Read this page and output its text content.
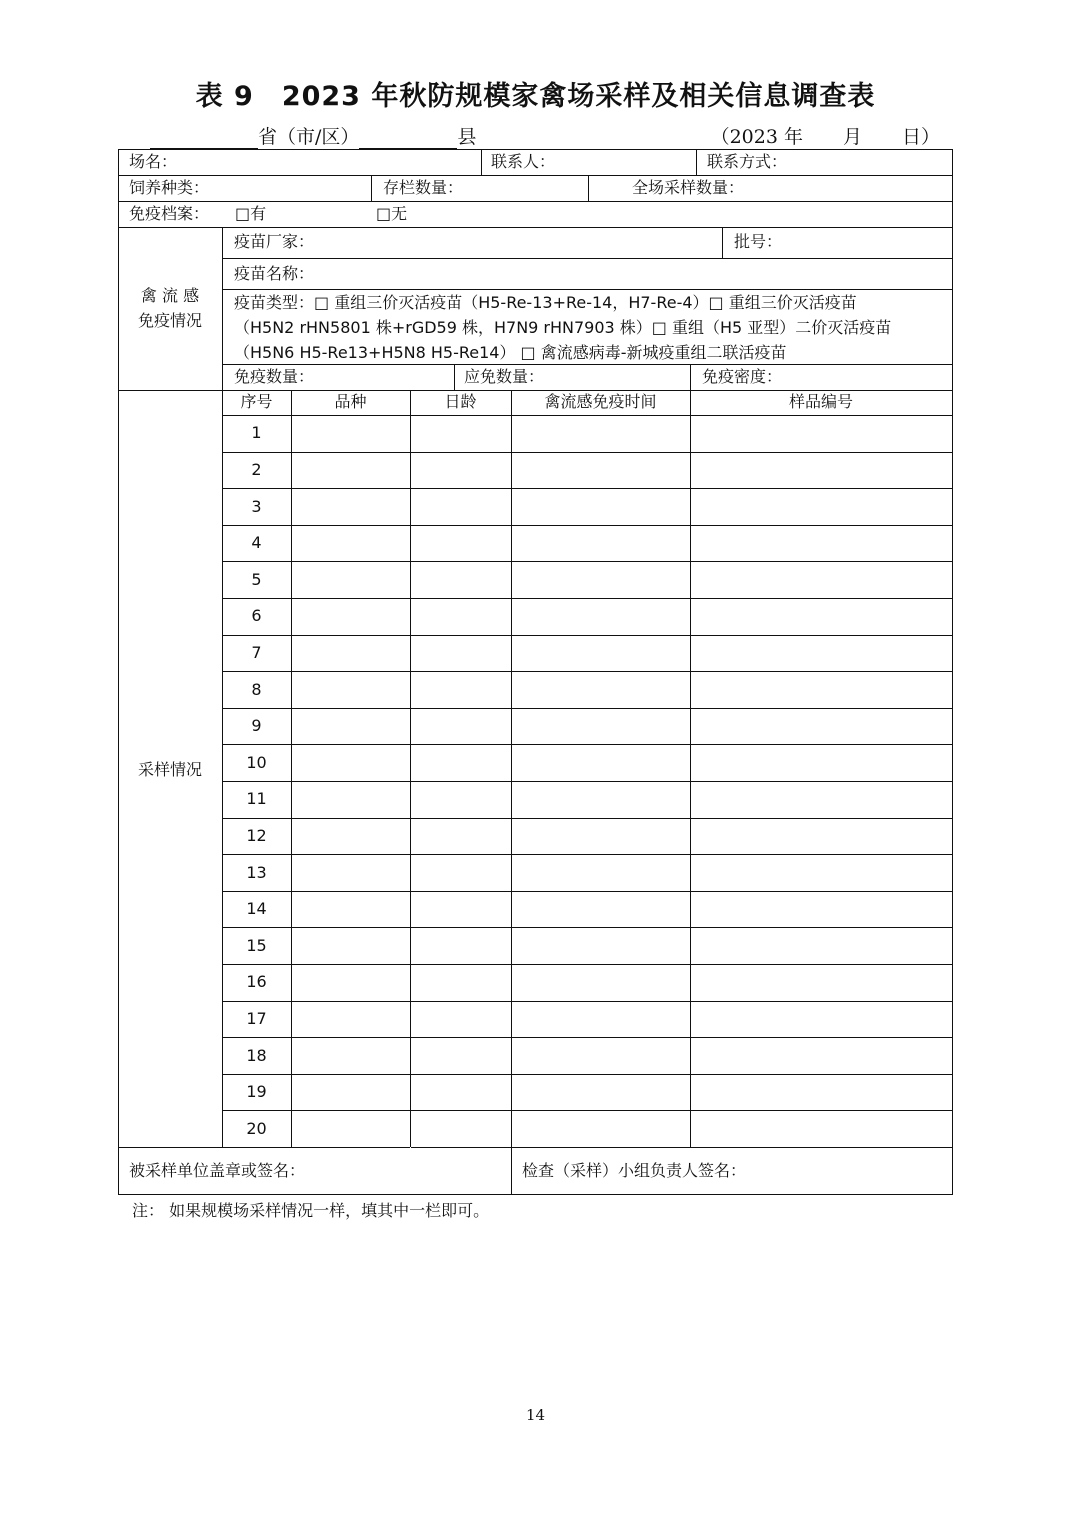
表 9 2023 年秋防规模家禽场采样及相关信息调查表
省（市/区）	县	（2023 年 月 日）
场名：	联系人：	联系方式：
饲养种类：	存栏数量：	全场采样数量：
免疫档案： □有	□无
禽 流 感
免疫情况
疫苗厂家：	批号：
疫苗名称：
疫苗类型：□ 重组三价灭活疫苗（H5-Re-13+Re-14，H7-Re-4）□ 重组三价灭活疫苗
（H5N2 rHN5801 株+rGD59 株，H7N9 rHN7903 株）□ 重组（H5 亚型）二价灭活疫苗
（H5N6 H5-Re13+H5N8 H5-Re14） □ 禽流感病毒-新城疫重组二联活疫苗
免疫数量：	应免数量：	免疫密度：
采样情况
序号	品种	日龄	禽流感免疫时间	样品编号
1
2
3
4
5
6
7
8
9
10
11
12
13
14
15
16
17
18
19
20
被采样单位盖章或签名：	检查（采样）小组负责人签名：
注： 如果规模场采样情况一样，填其中一栏即可。
14
